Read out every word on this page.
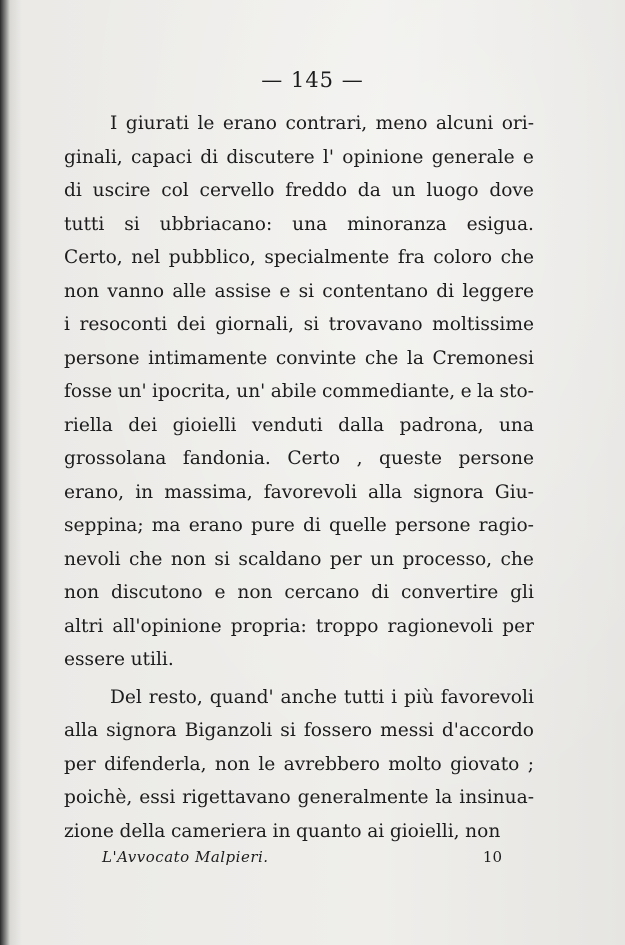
— 145 —
I giurati le erano contrari, meno alcuni ori-
ginali, capaci di discutere l' opinione generale e
di uscire col cervello freddo da un luogo dove
tutti si ubbriacano: una minoranza esigua.
Certo, nel pubblico, specialmente fra coloro che
non vanno alle assise e si contentano di leggere
i resoconti dei giornali, si trovavano moltissime
persone intimamente convinte che la Cremonesi
fosse un' ipocrita, un' abile commediante, e la sto-
riella dei gioielli venduti dalla padrona, una
grossolana fandonia. Certo , queste persone
erano, in massima, favorevoli alla signora Giu-
seppina; ma erano pure di quelle persone ragio-
nevoli che non si scaldano per un processo, che
non discutono e non cercano di convertire gli
altri all'opinione propria: troppo ragionevoli per
essere utili.
Del resto, quand' anche tutti i più favorevoli
alla signora Biganzoli si fossero messi d'accordo
per difenderla, non le avrebbero molto giovato ;
poichè, essi rigettavano generalmente la insinua-
zione della cameriera in quanto ai gioielli, non
L'Avvocato Malpieri.	10
